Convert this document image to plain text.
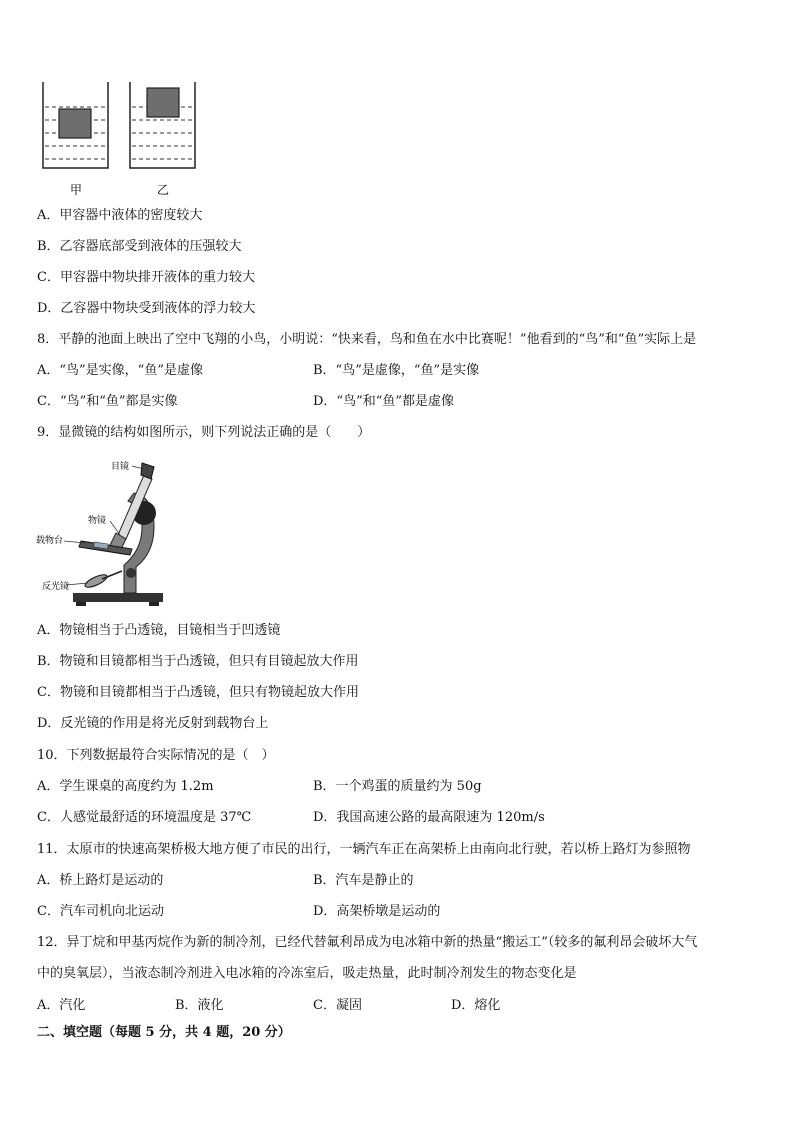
甲	乙
A．甲容器中液体的密度较大
B．乙容器底部受到液体的压强较大
C．甲容器中物块排开液体的重力较大
D．乙容器中物块受到液体的浮力较大
8．平静的池面上映出了空中飞翔的小鸟，小明说：“快来看，鸟和鱼在水中比赛呢！”他看到的“鸟”和“鱼”实际上是
A．“鸟”是实像，“鱼”是虚像	B．“鸟”是虚像，“鱼”是实像
C．“鸟”和“鱼”都是实像	D．“鸟”和“鱼”都是虚像
9．显微镜的结构如图所示，则下列说法正确的是（　　）
目镜
物镜
载物台
反光镜
A．物镜相当于凸透镜，目镜相当于凹透镜
B．物镜和目镜都相当于凸透镜，但只有目镜起放大作用
C．物镜和目镜都相当于凸透镜，但只有物镜起放大作用
D．反光镜的作用是将光反射到载物台上
10．下列数据最符合实际情况的是（　）
A．学生课桌的高度约为 1.2m	B．一个鸡蛋的质量约为 50g
C．人感觉最舒适的环境温度是 37℃	D．我国高速公路的最高限速为 120m/s
11．太原市的快速高架桥极大地方便了市民的出行，一辆汽车正在高架桥上由南向北行驶，若以桥上路灯为参照物
A．桥上路灯是运动的	B．汽车是静止的
C．汽车司机向北运动	D．高架桥墩是运动的
12．异丁烷和甲基丙烷作为新的制冷剂，已经代替氟利昂成为电冰箱中新的热量“搬运工”（较多的氟利昂会破坏大气
中的臭氧层），当液态制冷剂进入电冰箱的冷冻室后，吸走热量，此时制冷剂发生的物态变化是
A．汽化	B．液化	C．凝固	D．熔化
二、填空题（每题 5 分，共 4 题，20 分）
